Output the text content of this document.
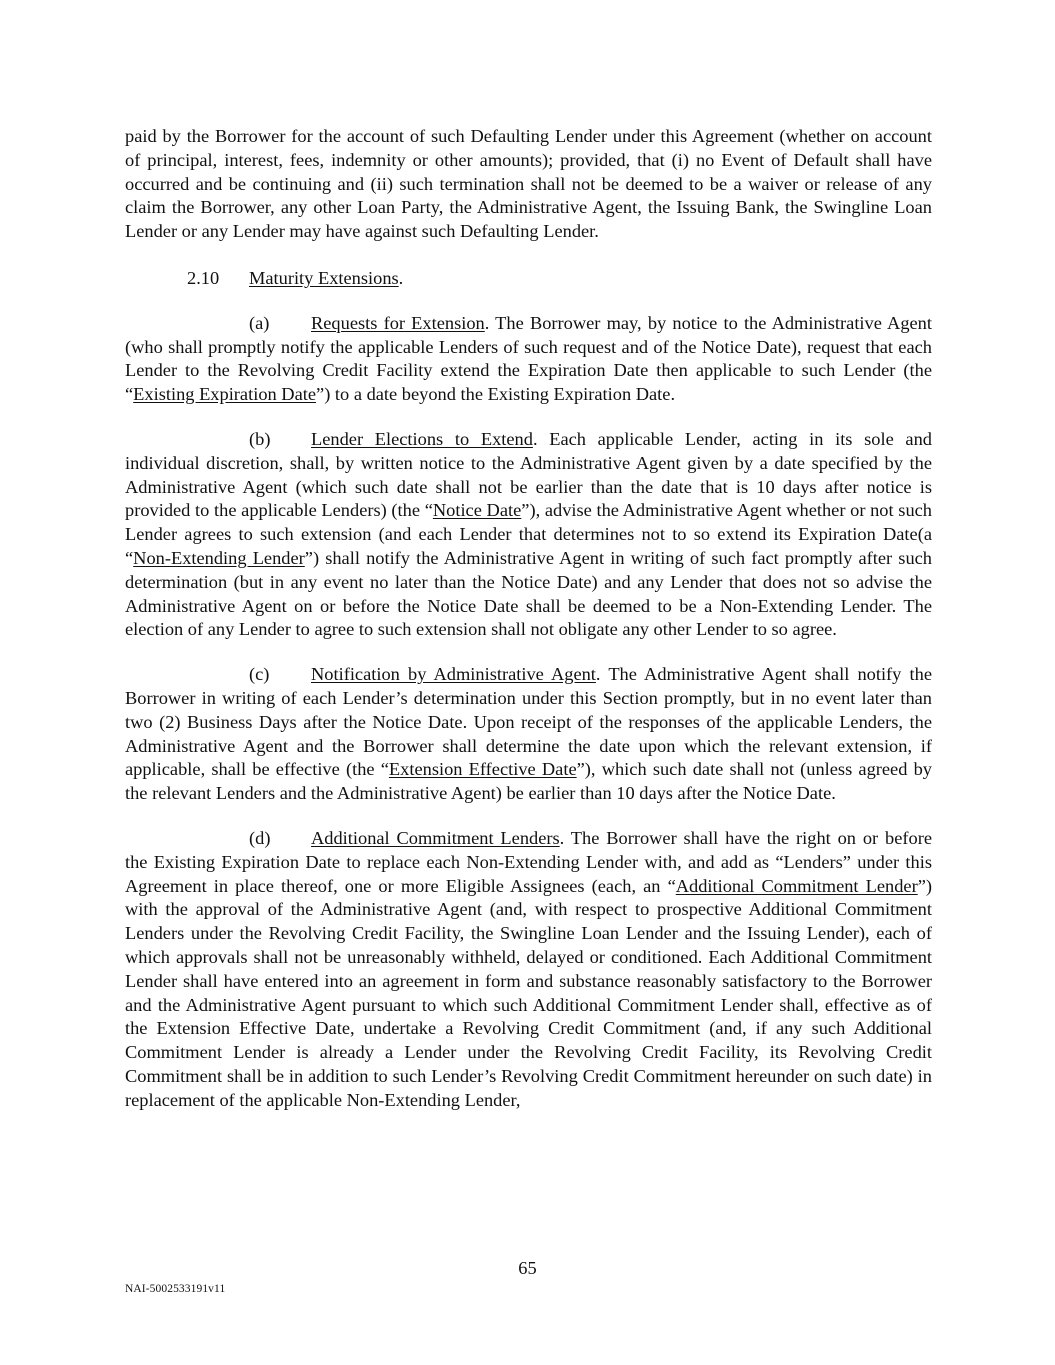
paid by the Borrower for the account of such Defaulting Lender under this Agreement (whether on account of principal, interest, fees, indemnity or other amounts); provided, that (i) no Event of Default shall have occurred and be continuing and (ii) such termination shall not be deemed to be a waiver or release of any claim the Borrower, any other Loan Party, the Administrative Agent, the Issuing Bank, the Swingline Loan Lender or any Lender may have against such Defaulting Lender.

2.10 Maturity Extensions.

(a) Requests for Extension. The Borrower may, by notice to the Administrative Agent (who shall promptly notify the applicable Lenders of such request and of the Notice Date), request that each Lender to the Revolving Credit Facility extend the Expiration Date then applicable to such Lender (the “Existing Expiration Date”) to a date beyond the Existing Expiration Date.

(b) Lender Elections to Extend. Each applicable Lender, acting in its sole and individual discretion, shall, by written notice to the Administrative Agent given by a date specified by the Administrative Agent (which such date shall not be earlier than the date that is 10 days after notice is provided to the applicable Lenders) (the “Notice Date”), advise the Administrative Agent whether or not such Lender agrees to such extension (and each Lender that determines not to so extend its Expiration Date(a “Non-Extending Lender”) shall notify the Administrative Agent in writing of such fact promptly after such determination (but in any event no later than the Notice Date) and any Lender that does not so advise the Administrative Agent on or before the Notice Date shall be deemed to be a Non-Extending Lender. The election of any Lender to agree to such extension shall not obligate any other Lender to so agree.

(c) Notification by Administrative Agent. The Administrative Agent shall notify the Borrower in writing of each Lender’s determination under this Section promptly, but in no event later than two (2) Business Days after the Notice Date. Upon receipt of the responses of the applicable Lenders, the Administrative Agent and the Borrower shall determine the date upon which the relevant extension, if applicable, shall be effective (the “Extension Effective Date”), which such date shall not (unless agreed by the relevant Lenders and the Administrative Agent) be earlier than 10 days after the Notice Date.

(d) Additional Commitment Lenders. The Borrower shall have the right on or before the Existing Expiration Date to replace each Non-Extending Lender with, and add as “Lenders” under this Agreement in place thereof, one or more Eligible Assignees (each, an “Additional Commitment Lender”) with the approval of the Administrative Agent (and, with respect to prospective Additional Commitment Lenders under the Revolving Credit Facility, the Swingline Loan Lender and the Issuing Lender), each of which approvals shall not be unreasonably withheld, delayed or conditioned. Each Additional Commitment Lender shall have entered into an agreement in form and substance reasonably satisfactory to the Borrower and the Administrative Agent pursuant to which such Additional Commitment Lender shall, effective as of the Extension Effective Date, undertake a Revolving Credit Commitment (and, if any such Additional Commitment Lender is already a Lender under the Revolving Credit Facility, its Revolving Credit Commitment shall be in addition to such Lender’s Revolving Credit Commitment hereunder on such date) in replacement of the applicable Non-Extending Lender,

65
NAI-5002533191v11
